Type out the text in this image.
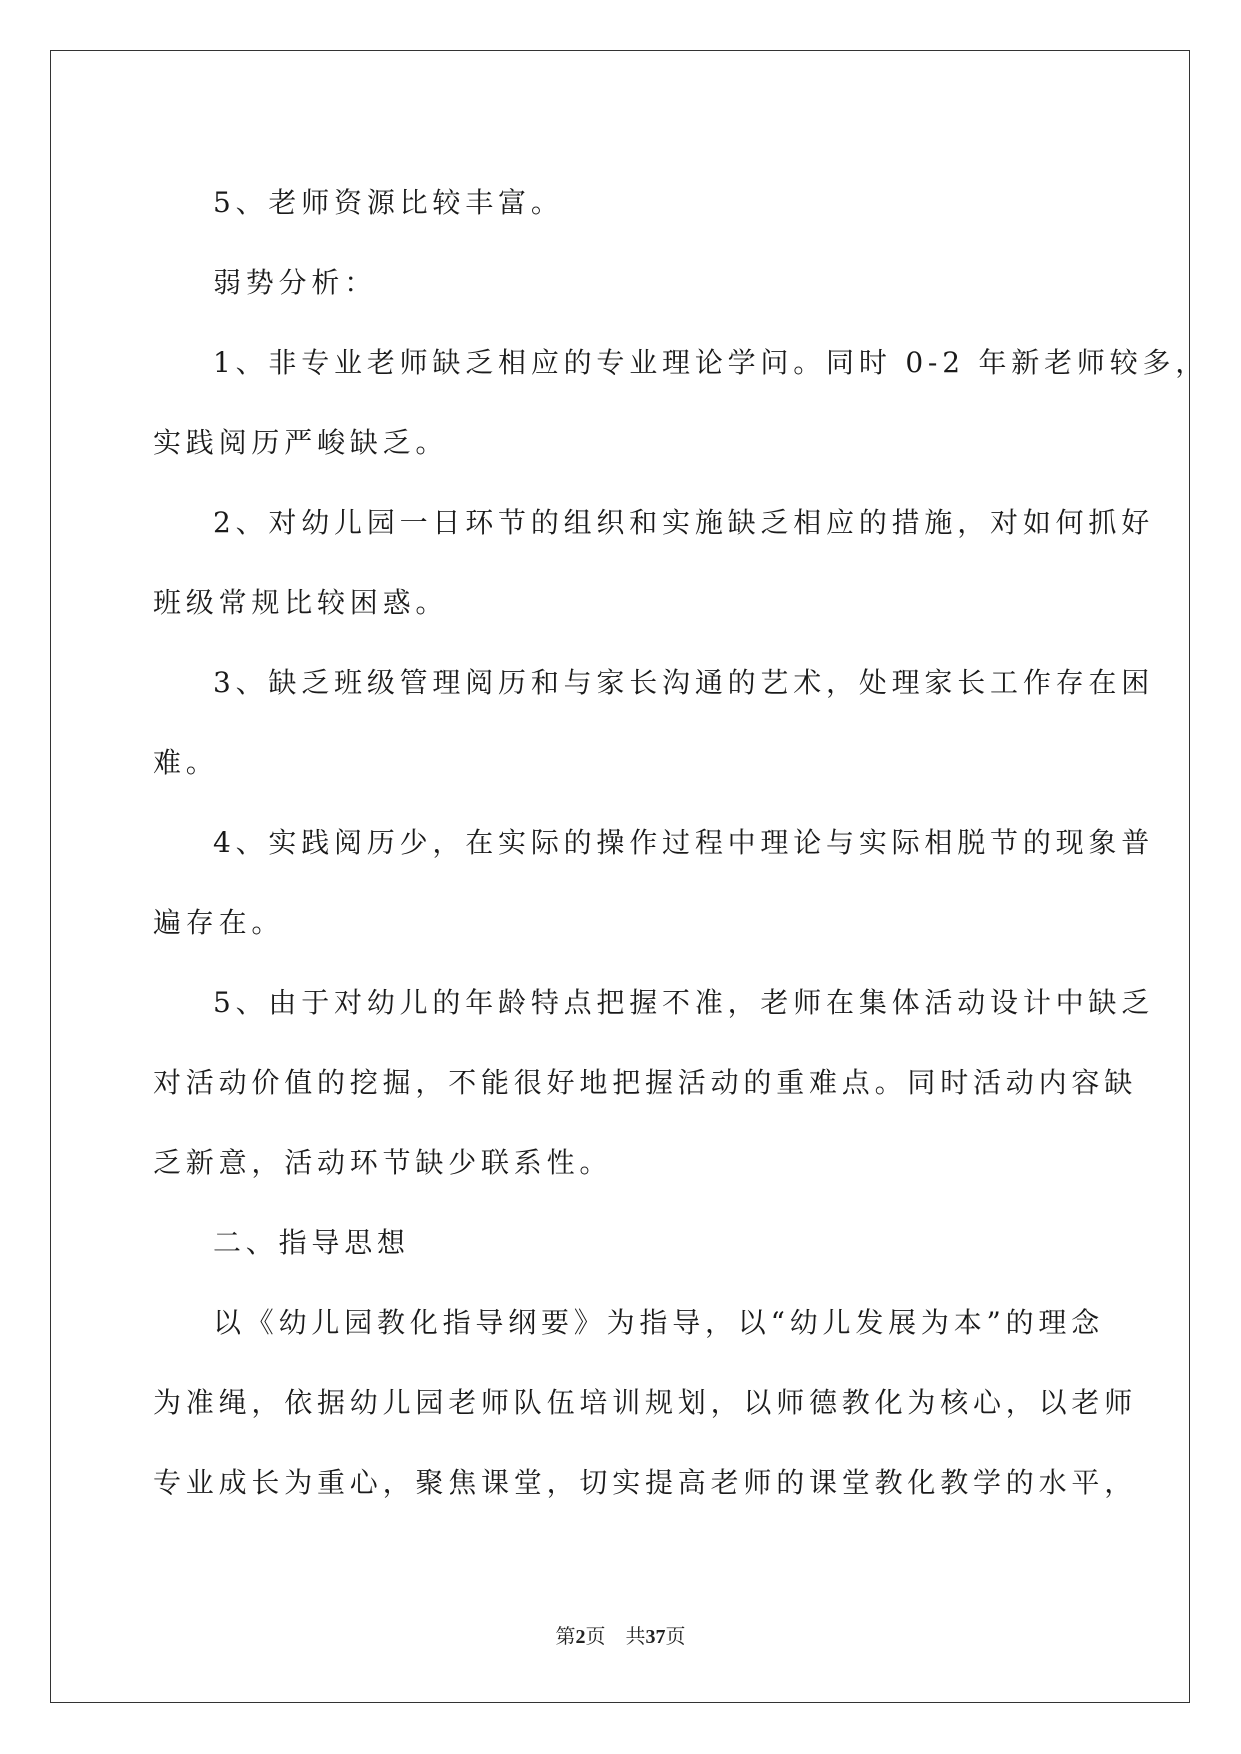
5、老师资源比较丰富。
弱势分析：
1、非专业老师缺乏相应的专业理论学问。同时 0-2 年新老师较多，
实践阅历严峻缺乏。
2、对幼儿园一日环节的组织和实施缺乏相应的措施，对如何抓好
班级常规比较困惑。
3、缺乏班级管理阅历和与家长沟通的艺术，处理家长工作存在困
难。
4、实践阅历少，在实际的操作过程中理论与实际相脱节的现象普
遍存在。
5、由于对幼儿的年龄特点把握不准，老师在集体活动设计中缺乏
对活动价值的挖掘，不能很好地把握活动的重难点。同时活动内容缺
乏新意，活动环节缺少联系性。
二、指导思想
以《幼儿园教化指导纲要》为指导，以“幼儿发展为本”的理念
为准绳，依据幼儿园老师队伍培训规划，以师德教化为核心，以老师
专业成长为重心，聚焦课堂，切实提高老师的课堂教化教学的水平，
第2页 共37页
